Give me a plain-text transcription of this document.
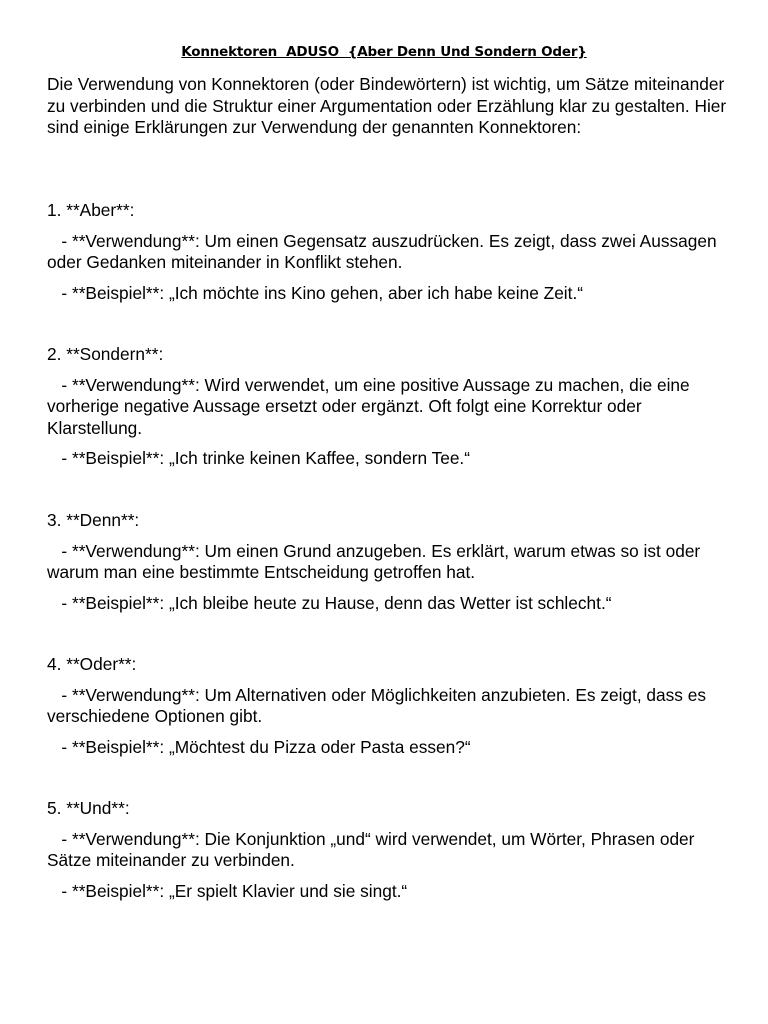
Konnektoren  ADUSO  {Aber Denn Und Sondern Oder}
Die Verwendung von Konnektoren (oder Bindewörtern) ist wichtig, um Sätze miteinander zu verbinden und die Struktur einer Argumentation oder Erzählung klar zu gestalten. Hier sind einige Erklärungen zur Verwendung der genannten Konnektoren:
1. **Aber**:
- **Verwendung**: Um einen Gegensatz auszudrücken. Es zeigt, dass zwei Aussagen oder Gedanken miteinander in Konflikt stehen.
- **Beispiel**: „Ich möchte ins Kino gehen, aber ich habe keine Zeit.“
2. **Sondern**:
- **Verwendung**: Wird verwendet, um eine positive Aussage zu machen, die eine vorherige negative Aussage ersetzt oder ergänzt. Oft folgt eine Korrektur oder Klarstellung.
- **Beispiel**: „Ich trinke keinen Kaffee, sondern Tee.“
3. **Denn**:
- **Verwendung**: Um einen Grund anzugeben. Es erklärt, warum etwas so ist oder warum man eine bestimmte Entscheidung getroffen hat.
- **Beispiel**: „Ich bleibe heute zu Hause, denn das Wetter ist schlecht.“
4. **Oder**:
- **Verwendung**: Um Alternativen oder Möglichkeiten anzubieten. Es zeigt, dass es verschiedene Optionen gibt.
- **Beispiel**: „Möchtest du Pizza oder Pasta essen?“
5. **Und**:
- **Verwendung**: Die Konjunktion „und“ wird verwendet, um Wörter, Phrasen oder Sätze miteinander zu verbinden.
- **Beispiel**: „Er spielt Klavier und sie singt.“
